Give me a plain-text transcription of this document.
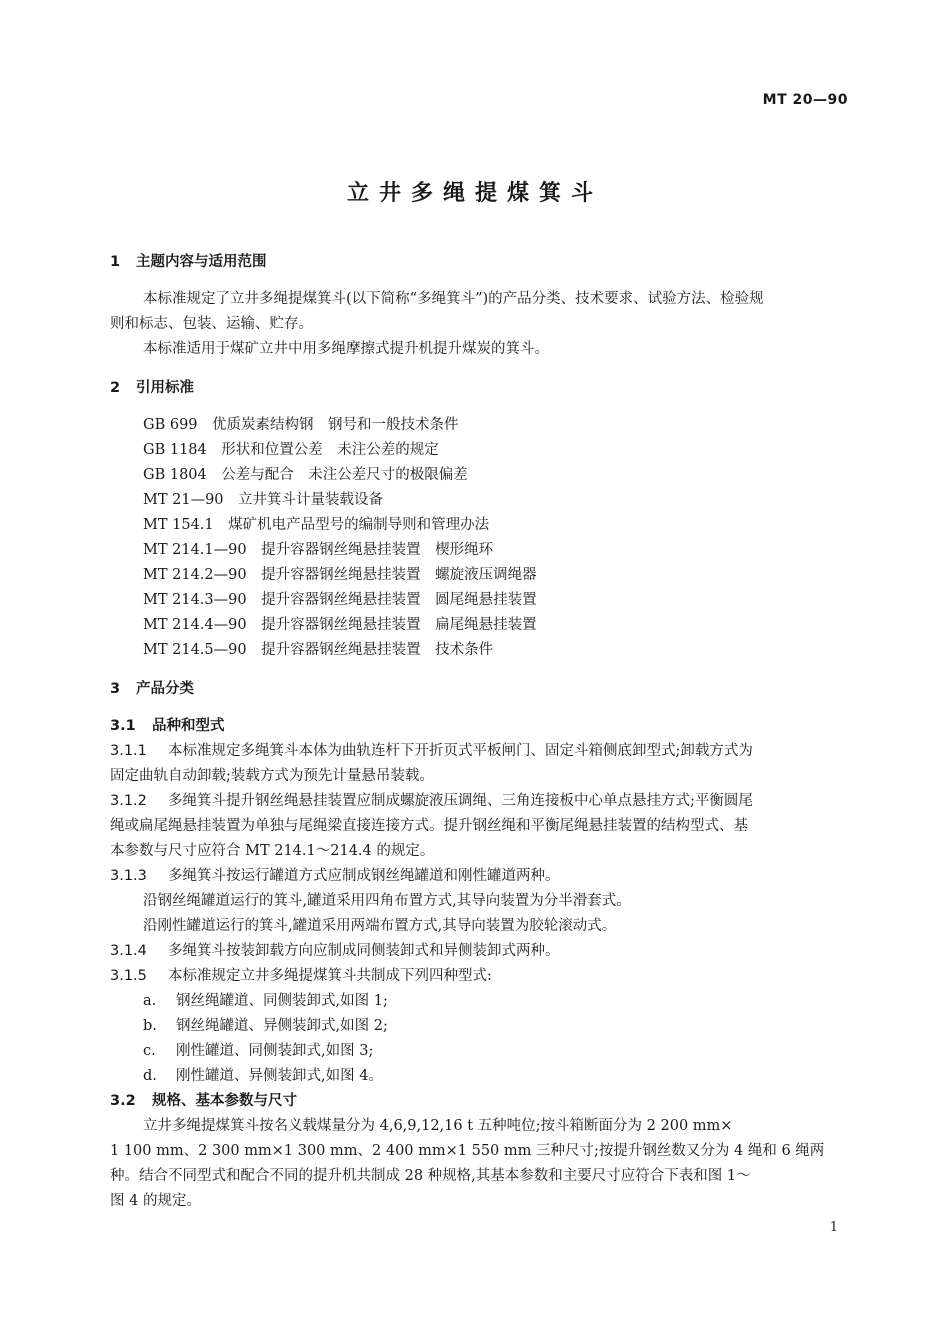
MT 20—90
立井多绳提煤箕斗
1 主题内容与适用范围
本标准规定了立井多绳提煤箕斗(以下简称“多绳箕斗”)的产品分类、技术要求、试验方法、检验规
则和标志、包装、运输、贮存。
本标准适用于煤矿立井中用多绳摩擦式提升机提升煤炭的箕斗。
2 引用标准
GB 699　优质炭素结构钢　钢号和一般技术条件
GB 1184　形状和位置公差　未注公差的规定
GB 1804　公差与配合　未注公差尺寸的极限偏差
MT 21—90　立井箕斗计量装载设备
MT 154.1　煤矿机电产品型号的编制导则和管理办法
MT 214.1—90　提升容器钢丝绳悬挂装置　楔形绳环
MT 214.2—90　提升容器钢丝绳悬挂装置　螺旋液压调绳器
MT 214.3—90　提升容器钢丝绳悬挂装置　圆尾绳悬挂装置
MT 214.4—90　提升容器钢丝绳悬挂装置　扁尾绳悬挂装置
MT 214.5—90　提升容器钢丝绳悬挂装置　技术条件
3 产品分类
3.1 品种和型式
3.1.1 本标准规定多绳箕斗本体为曲轨连杆下开折页式平板闸门、固定斗箱侧底卸型式;卸载方式为
固定曲轨自动卸载;装载方式为预先计量悬吊装载。
3.1.2 多绳箕斗提升钢丝绳悬挂装置应制成螺旋液压调绳、三角连接板中心单点悬挂方式;平衡圆尾
绳或扁尾绳悬挂装置为单独与尾绳梁直接连接方式。提升钢丝绳和平衡尾绳悬挂装置的结构型式、基
本参数与尺寸应符合 MT 214.1～214.4 的规定。
3.1.3 多绳箕斗按运行罐道方式应制成钢丝绳罐道和刚性罐道两种。
沿钢丝绳罐道运行的箕斗,罐道采用四角布置方式,其导向装置为分半滑套式。
沿刚性罐道运行的箕斗,罐道采用两端布置方式,其导向装置为胶轮滚动式。
3.1.4 多绳箕斗按装卸载方向应制成同侧装卸式和异侧装卸式两种。
3.1.5 本标准规定立井多绳提煤箕斗共制成下列四种型式:
a. 钢丝绳罐道、同侧装卸式,如图 1;
b. 钢丝绳罐道、异侧装卸式,如图 2;
c. 刚性罐道、同侧装卸式,如图 3;
d. 刚性罐道、异侧装卸式,如图 4。
3.2 规格、基本参数与尺寸
立井多绳提煤箕斗按名义载煤量分为 4,6,9,12,16 t 五种吨位;按斗箱断面分为 2 200 mm×
1 100 mm、2 300 mm×1 300 mm、2 400 mm×1 550 mm 三种尺寸;按提升钢丝数又分为 4 绳和 6 绳两
种。结合不同型式和配合不同的提升机共制成 28 种规格,其基本参数和主要尺寸应符合下表和图 1～
图 4 的规定。
1
